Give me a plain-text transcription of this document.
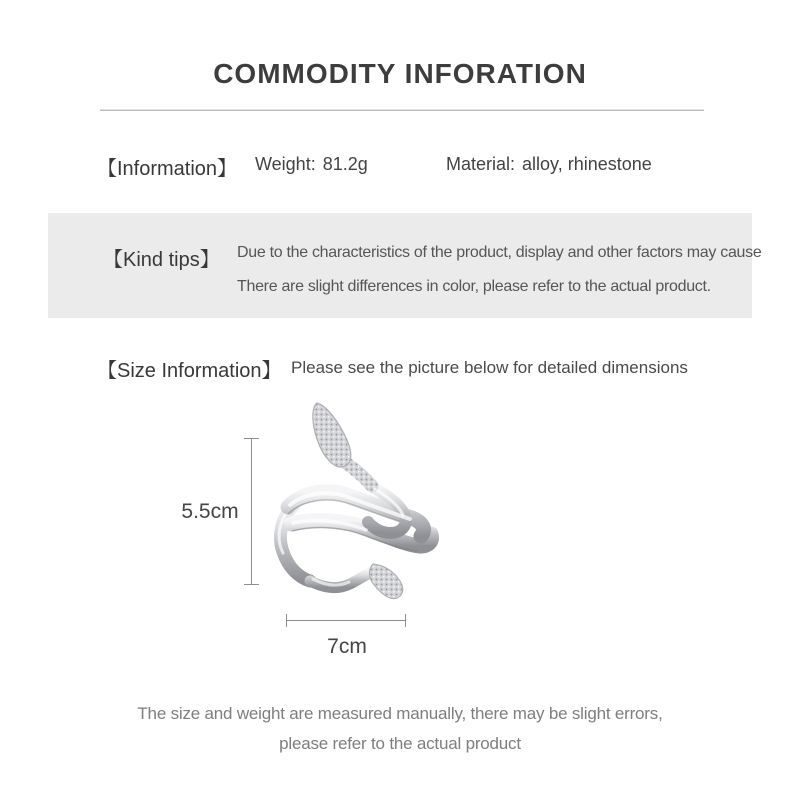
COMMODITY INFORATION
【Information】 Weight: 81.2g	Material: alloy, rhinestone
【Kind tips】 Due to the characteristics of the product, display and other factors may cause
There are slight differences in color, please refer to the actual product.
【Size Information】 Please see the picture below for detailed dimensions
5.5cm
7cm
The size and weight are measured manually, there may be slight errors,
please refer to the actual product
